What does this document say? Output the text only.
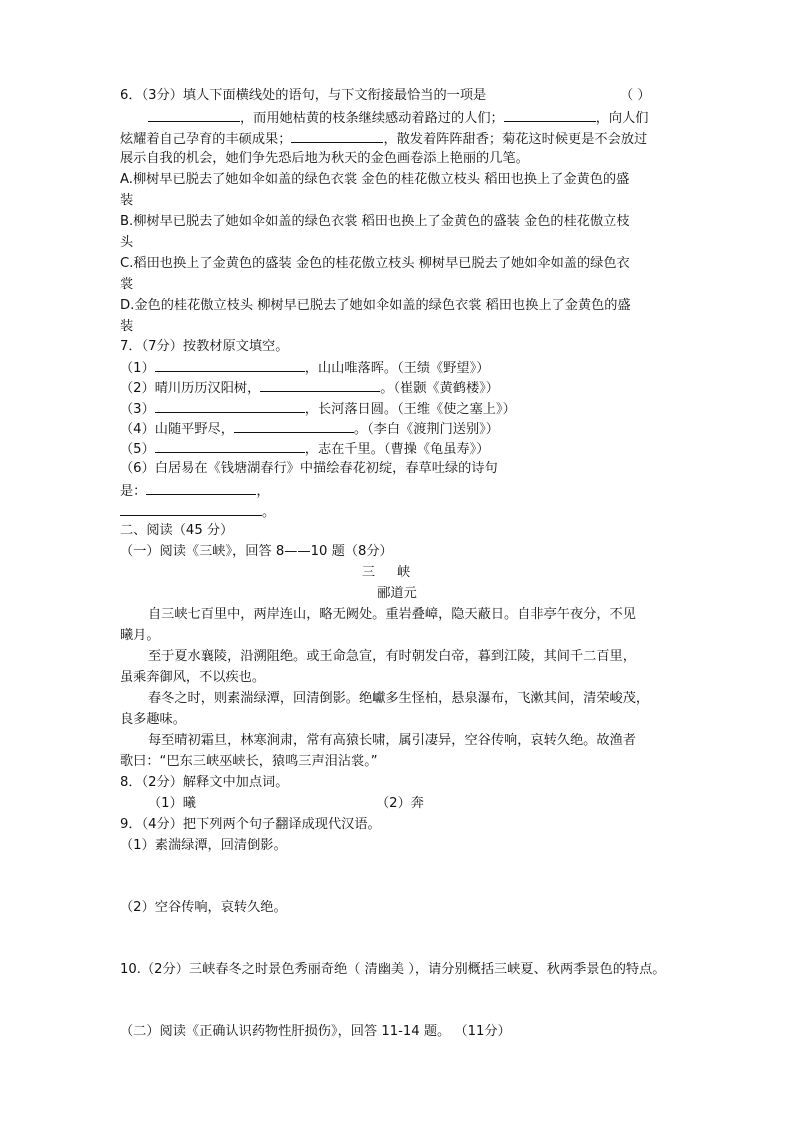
6．（3分）填人下面横线处的语句，与下文衔接最恰当的一项是	（ ）
，而用她枯黄的枝条继续感动着路过的人们；	，向人们
炫耀着自己孕育的丰硕成果；	，散发着阵阵甜香；菊花这时候更是不会放过
展示自我的机会，她们争先恐后地为秋天的金色画卷添上艳丽的几笔。
A.柳树早已脱去了她如伞如盖的绿色衣裳 金色的桂花傲立枝头 稻田也换上了金黄色的盛
装
B.柳树早已脱去了她如伞如盖的绿色衣裳 稻田也换上了金黄色的盛装 金色的桂花傲立枝
头
C.稻田也换上了金黄色的盛装 金色的桂花傲立枝头 柳树早已脱去了她如伞如盖的绿色衣
裳
D.金色的桂花傲立枝头 柳树早已脱去了她如伞如盖的绿色衣裳 稻田也换上了金黄色的盛
装
7．（7分）按教材原文填空。
（1）	，山山唯落晖。（王绩《野望》）
（2）晴川历历汉阳树，	。（崔颢《黄鹤楼》）
（3）	，长河落日圆。（王维《使之塞上》）
（4）山随平野尽，	。（李白《渡荆门送别》）
（5）	，志在千里。（曹操《龟虽寿》）
（6）白居易在《钱塘湖春行》中描绘春花初绽，春草吐绿的诗句
是：	，
。
二、阅读（45 分）
（一）阅读《三峡》，回答 8——10 题（8分）
三峡
郦道元
自三峡七百里中，两岸连山，略无阙处。重岩叠嶂，隐天蔽日。自非亭午夜分，不见
曦月。
至于夏水襄陵，沿溯阻绝。或王命急宣，有时朝发白帝，暮到江陵，其间千二百里，
虽乘奔御风，不以疾也。
春冬之时，则素湍绿潭，回清倒影。绝巘多生怪柏，悬泉瀑布，飞漱其间，清荣峻茂，
良多趣味。
每至晴初霜旦，林寒涧肃，常有高猿长啸，属引凄异，空谷传响，哀转久绝。故渔者
歌曰：“巴东三峡巫峡长，猿鸣三声泪沾裳。”
8．（2分）解释文中加点词。
（1）曦	（2）奔
9．（4分）把下列两个句子翻译成现代汉语。
（1）素湍绿潭，回清倒影。
（2）空谷传响，哀转久绝。
10.（2分）三峡春冬之时景色秀丽奇绝（ 清幽美 ），请分别概括三峡夏、秋两季景色的特点。
（二）阅读《正确认识药物性肝损伤》，回答 11-14 题。 （11分）
